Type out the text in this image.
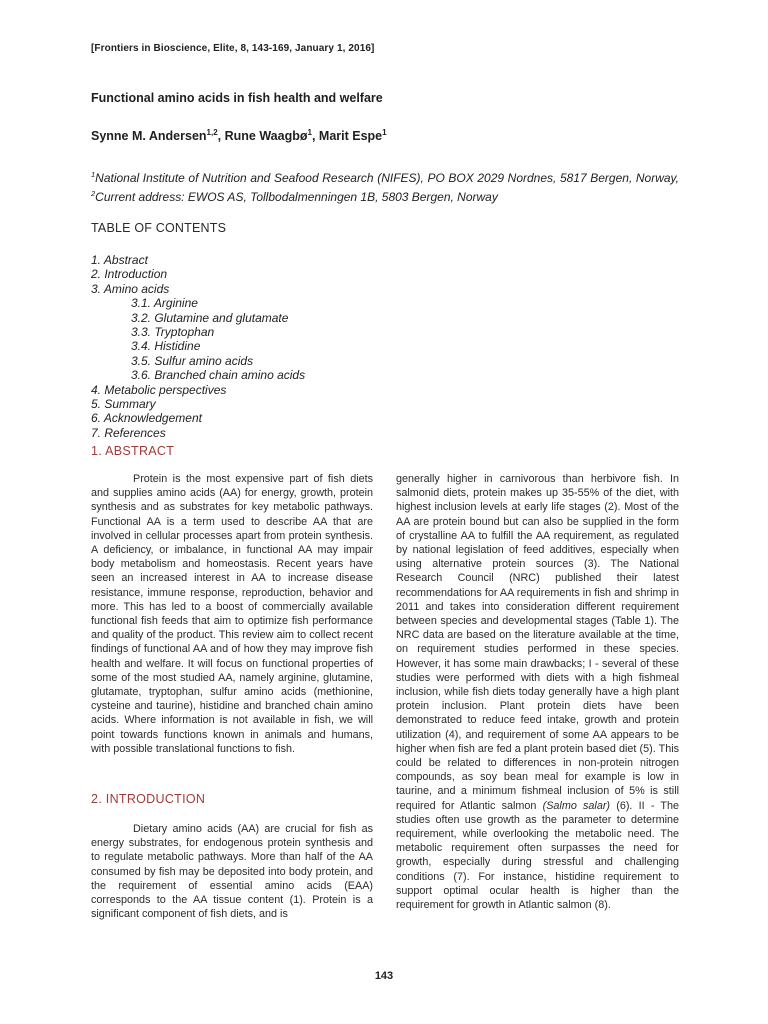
[Frontiers in Bioscience, Elite, 8, 143-169, January 1, 2016]
Functional amino acids in fish health and welfare
Synne M. Andersen$^{1,2}$, Rune Waagbø$^1$, Marit Espe$^1$
$^1$National Institute of Nutrition and Seafood Research (NIFES), PO BOX 2029 Nordnes, 5817 Bergen, Norway, $^2$Current address: EWOS AS, Tollbodalmenningen 1B, 5803 Bergen, Norway
TABLE OF CONTENTS
1. Abstract
2. Introduction
3. Amino acids
3.1. Arginine
3.2. Glutamine and glutamate
3.3. Tryptophan
3.4. Histidine
3.5. Sulfur amino acids
3.6. Branched chain amino acids
4. Metabolic perspectives
5. Summary
6. Acknowledgement
7. References
1. ABSTRACT

Protein is the most expensive part of fish diets and supplies amino acids (AA) for energy, growth, protein synthesis and as substrates for key metabolic pathways. Functional AA is a term used to describe AA that are involved in cellular processes apart from protein synthesis. A deficiency, or imbalance, in functional AA may impair body metabolism and homeostasis. Recent years have seen an increased interest in AA to increase disease resistance, immune response, reproduction, behavior and more. This has led to a boost of commercially available functional fish feeds that aim to optimize fish performance and quality of the product. This review aim to collect recent findings of functional AA and of how they may improve fish health and welfare. It will focus on functional properties of some of the most studied AA, namely arginine, glutamine, glutamate, tryptophan, sulfur amino acids (methionine, cysteine and taurine), histidine and branched chain amino acids. Where information is not available in fish, we will point towards functions known in animals and humans, with possible translational functions to fish.

2. INTRODUCTION

Dietary amino acids (AA) are crucial for fish as energy substrates, for endogenous protein synthesis and to regulate metabolic pathways. More than half of the AA consumed by fish may be deposited into body protein, and the requirement of essential amino acids (EAA) corresponds to the AA tissue content (1). Protein is a significant component of fish diets, and is

generally higher in carnivorous than herbivore fish. In salmonid diets, protein makes up 35-55% of the diet, with highest inclusion levels at early life stages (2). Most of the AA are protein bound but can also be supplied in the form of crystalline AA to fulfill the AA requirement, as regulated by national legislation of feed additives, especially when using alternative protein sources (3). The National Research Council (NRC) published their latest recommendations for AA requirements in fish and shrimp in 2011 and takes into consideration different requirement between species and developmental stages (Table 1). The NRC data are based on the literature available at the time, on requirement studies performed in these species. However, it has some main drawbacks; I - several of these studies were performed with diets with a high fishmeal inclusion, while fish diets today generally have a high plant protein inclusion. Plant protein diets have been demonstrated to reduce feed intake, growth and protein utilization (4), and requirement of some AA appears to be higher when fish are fed a plant protein based diet (5). This could be related to differences in non-protein nitrogen compounds, as soy bean meal for example is low in taurine, and a minimum fishmeal inclusion of 5% is still required for Atlantic salmon (Salmo salar) (6). II - The studies often use growth as the parameter to determine requirement, while overlooking the metabolic need. The metabolic requirement often surpasses the need for growth, especially during stressful and challenging conditions (7). For instance, histidine requirement to support optimal ocular health is higher than the requirement for growth in Atlantic salmon (8).

143
